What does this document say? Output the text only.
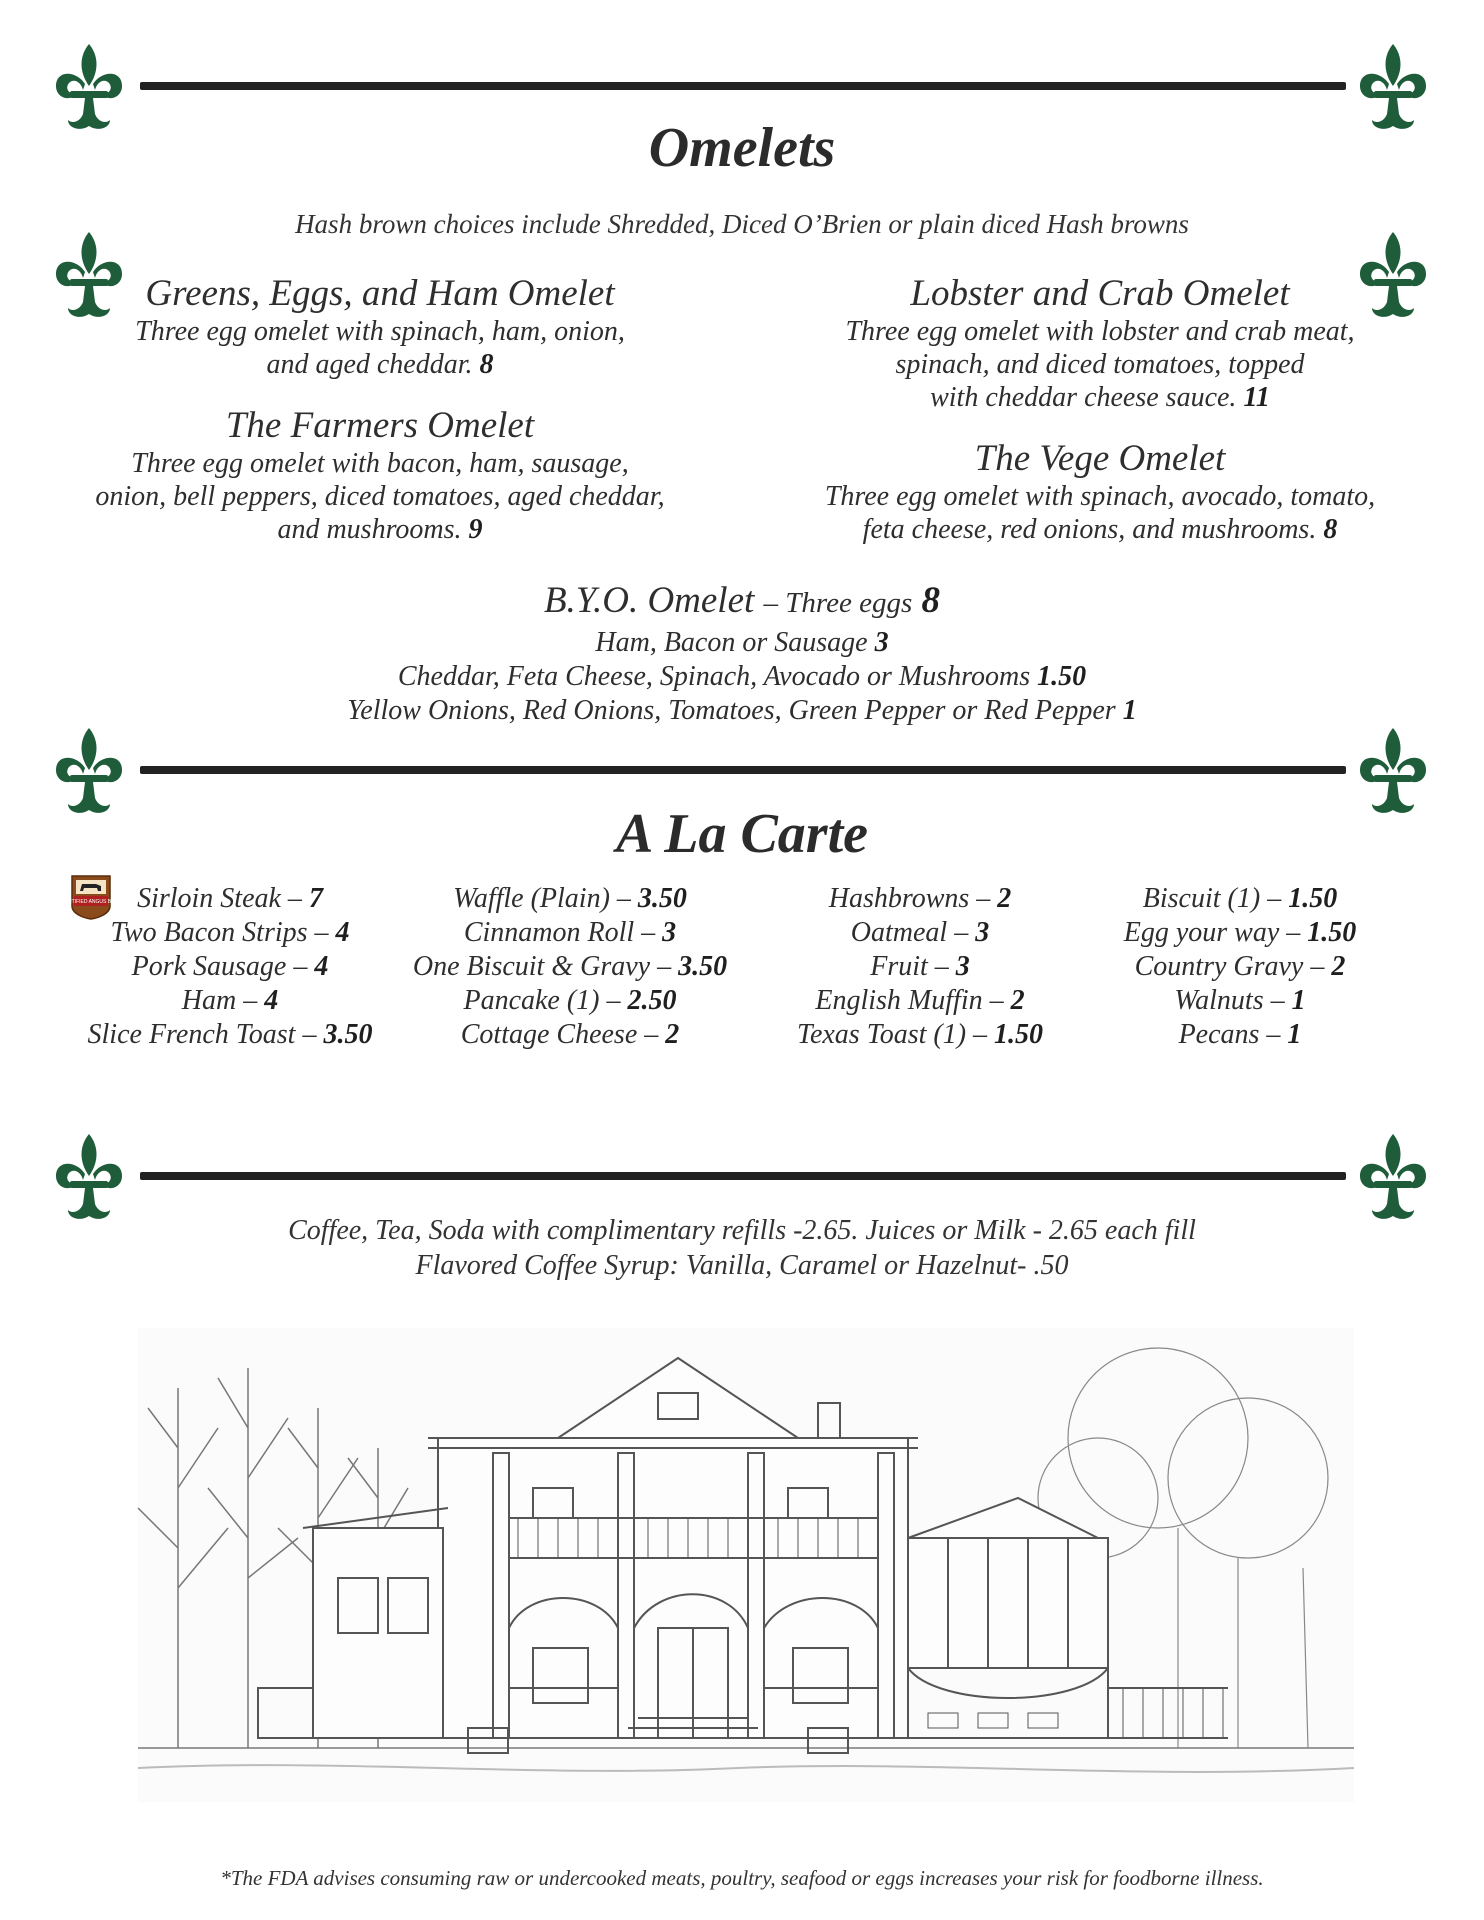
Omelets
Hash brown choices include Shredded, Diced O’Brien or plain diced Hash browns
Greens, Eggs, and Ham Omelet
Three egg omelet with spinach, ham, onion,
and aged cheddar. 8
Lobster and Crab Omelet
Three egg omelet with lobster and crab meat,
spinach, and diced tomatoes, topped
with cheddar cheese sauce. 11
The Farmers Omelet
Three egg omelet with bacon, ham, sausage,
onion, bell peppers, diced tomatoes, aged cheddar,
and mushrooms. 9
The Vege Omelet
Three egg omelet with spinach, avocado, tomato,
feta cheese, red onions, and mushrooms. 8
B.Y.O. Omelet – Three eggs 8
Ham, Bacon or Sausage 3
Cheddar, Feta Cheese, Spinach, Avocado or Mushrooms 1.50
Yellow Onions, Red Onions, Tomatoes, Green Pepper or Red Pepper 1
A La Carte
CERTIFIED ANGUS BEEF Sirloin Steak – 7
Two Bacon Strips – 4
Pork Sausage – 4
Ham – 4
Slice French Toast – 3.50
Waffle (Plain) – 3.50
Cinnamon Roll – 3
One Biscuit & Gravy – 3.50
Pancake (1) – 2.50
Cottage Cheese – 2
Hashbrowns – 2
Oatmeal – 3
Fruit – 3
English Muffin – 2
Texas Toast (1) – 1.50
Biscuit (1) – 1.50
Egg your way – 1.50
Country Gravy – 2
Walnuts – 1
Pecans – 1
Coffee, Tea, Soda with complimentary refills -2.65. Juices or Milk - 2.65 each fill
Flavored Coffee Syrup: Vanilla, Caramel or Hazelnut- .50
*The FDA advises consuming raw or undercooked meats, poultry, seafood or eggs increases your risk for foodborne illness.
